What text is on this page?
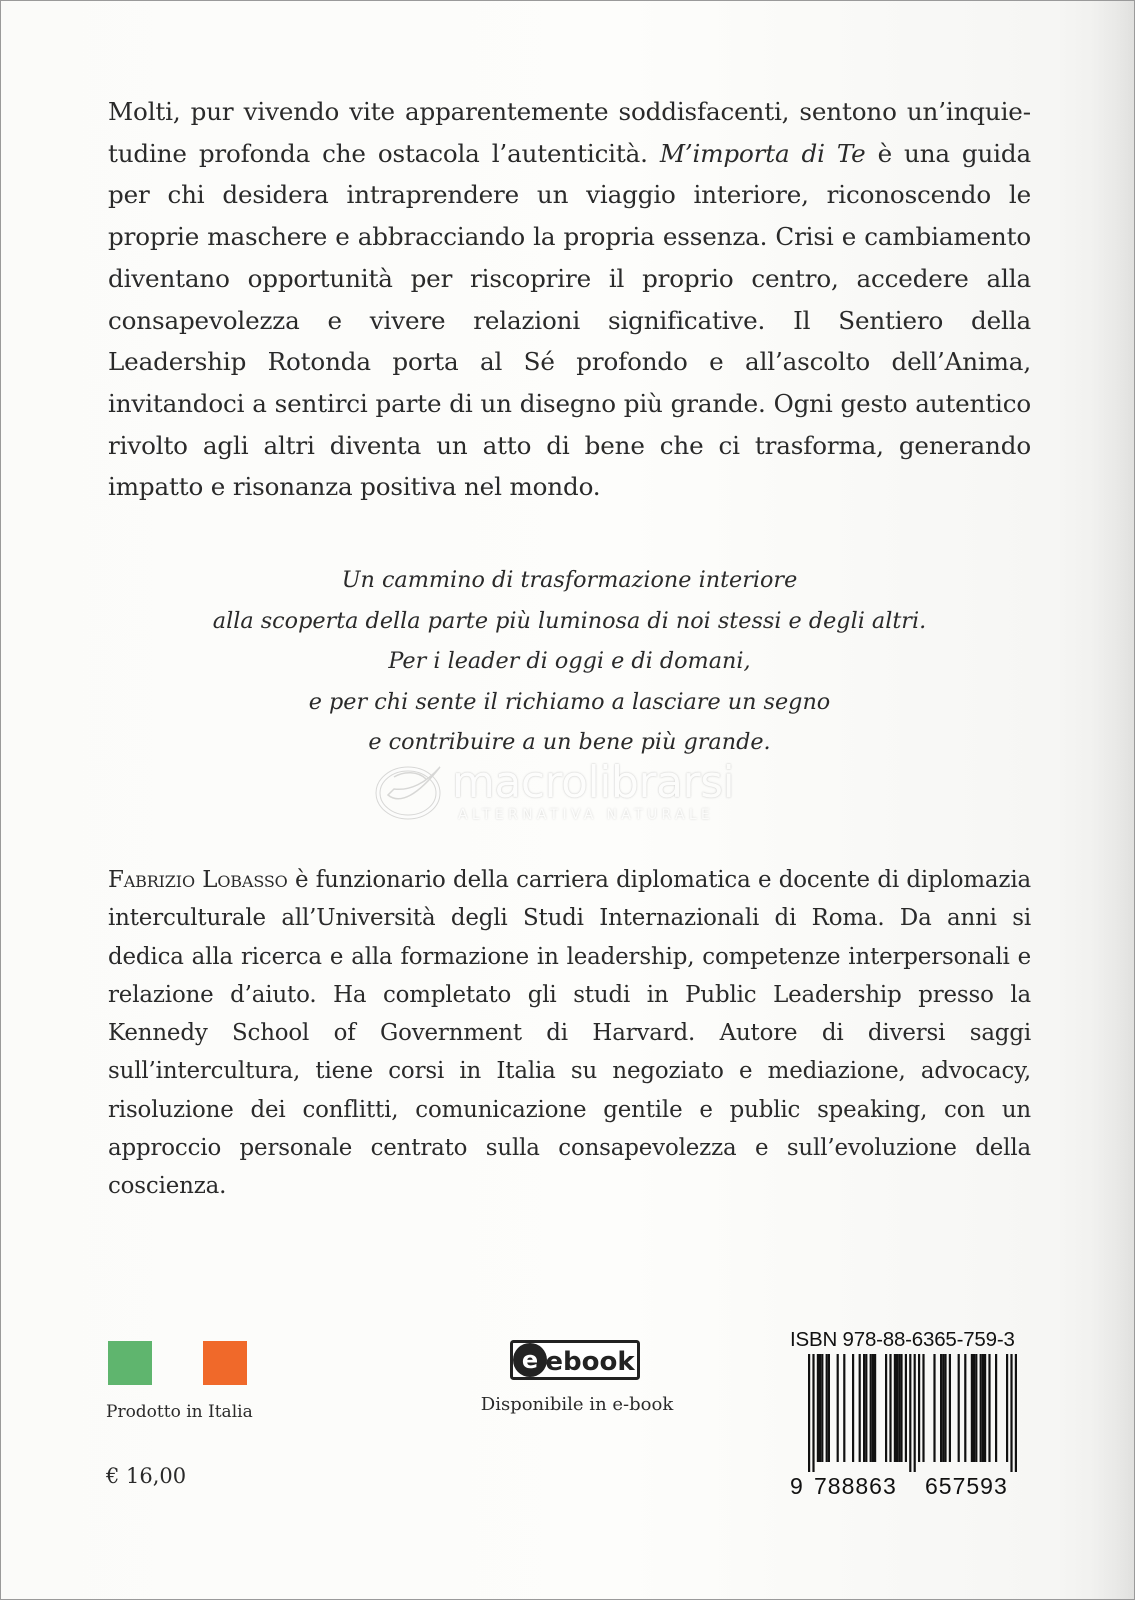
Molti, pur vivendo vite apparentemente soddisfacenti, sentono un’inquietudine profonda che ostacola l’autenticità. M’importa di Te è una guida per chi desidera intraprendere un viaggio interiore, riconoscendo le proprie maschere e abbracciando la propria essenza. Crisi e cambiamento diventano opportunità per riscoprire il proprio centro, accedere alla consapevolezza e vivere relazioni significative. Il Sentiero della Leadership Rotonda porta al Sé profondo e all’ascolto dell’Anima, invitandoci a sentirci parte di un disegno più grande. Ogni gesto autentico rivolto agli altri diventa un atto di bene che ci trasforma, generando impatto e risonanza positiva nel mondo.

Un cammino di trasformazione interiore
alla scoperta della parte più luminosa di noi stessi e degli altri.
Per i leader di oggi e di domani,
e per chi sente il richiamo a lasciare un segno
e contribuire a un bene più grande.
macrolibrarsi
ALTERNATIVA NATURALE

Fabrizio Lobasso è funzionario della carriera diplomatica e docente di diplomazia interculturale all’Università degli Studi Internazionali di Roma. Da anni si dedica alla ricerca e alla formazione in leadership, competenze interpersonali e relazione d’aiuto. Ha completato gli studi in Public Leadership presso la Kennedy School of Government di Harvard. Autore di diversi saggi sull’intercultura, tiene corsi in Italia su negoziato e mediazione, advocacy, risoluzione dei conflitti, comunicazione gentile e public speaking, con un approccio personale centrato sulla consapevolezza e sull’evoluzione della coscienza.

Prodotto in Italia
€ 16,00
e ebook
Disponibile in e-book
ISBN 978-88-6365-759-3
9 788863 657593
